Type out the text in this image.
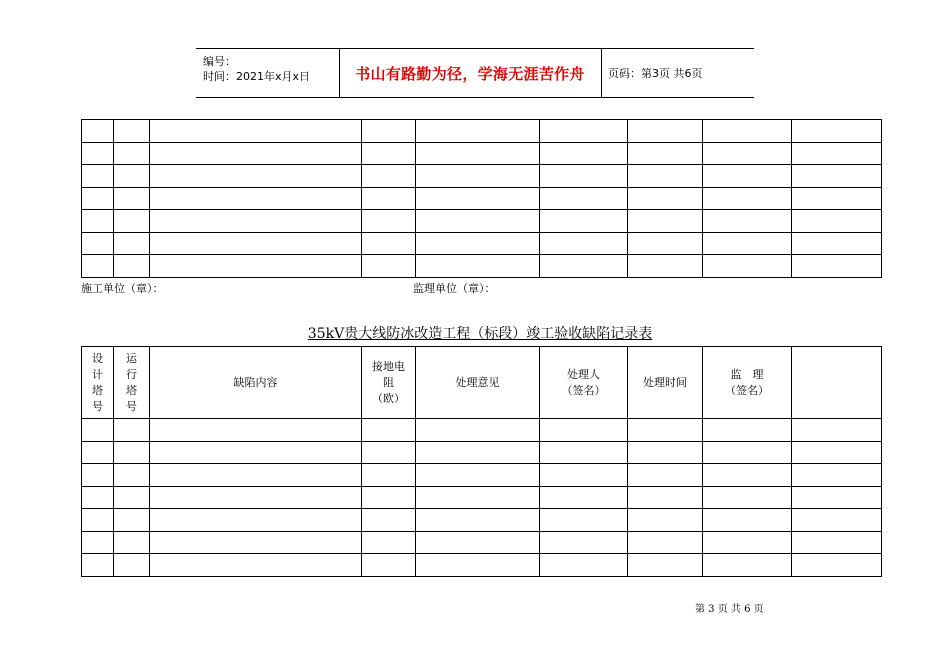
编号：
时间：2021年x月x日	书山有路勤为径，学海无涯苦作舟	页码：第3页 共6页

施工单位（章）：	监理单位（章）：
35kV贵大线防冰改造工程（标段）竣工验收缺陷记录表
设
计
塔
号	运
行
塔
号	缺陷内容	接地电
阻
（欧）	处理意见	处理人
（签名）	处理时间	监　理
（签名）	

第 3 页 共 6 页
